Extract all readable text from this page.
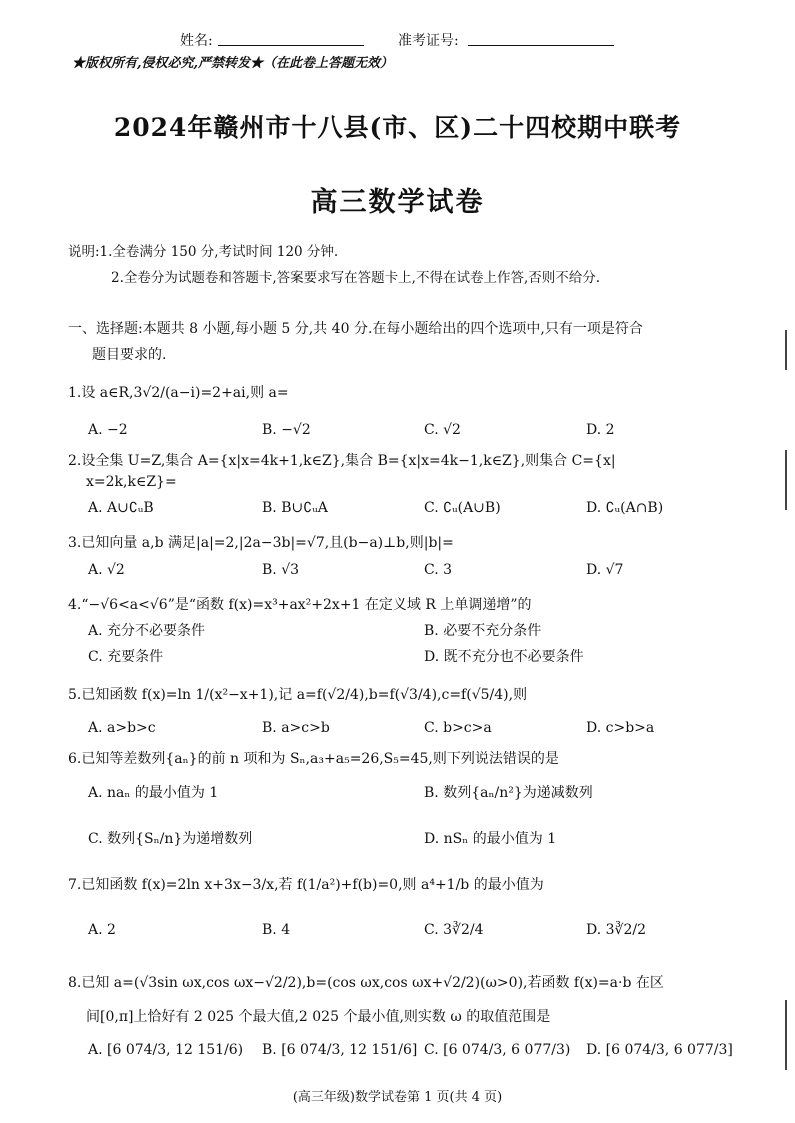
姓名:	准考证号:
★版权所有,侵权必究,严禁转发★（在此卷上答题无效）
2024年赣州市十八县(市、区)二十四校期中联考
高三数学试卷
说明:1.全卷满分 150 分,考试时间 120 分钟.
2.全卷分为试题卷和答题卡,答案要求写在答题卡上,不得在试卷上作答,否则不给分.
一、选择题:本题共 8 小题,每小题 5 分,共 40 分.在每小题给出的四个选项中,只有一项是符合
题目要求的.
1.设 a∈R,3√2/(a−i)=2+ai,则 a=
A. −2	B. −√2	C. √2	D. 2
2.设全集 U=Z,集合 A={x|x=4k+1,k∈Z},集合 B={x|x=4k−1,k∈Z},则集合 C={x|
x=2k,k∈Z}=
A. A∪∁ᵤB	B. B∪∁ᵤA	C. ∁ᵤ(A∪B)	D. ∁ᵤ(A∩B)
3.已知向量 a,b 满足|a|=2,|2a−3b|=√7,且(b−a)⊥b,则|b|=
A. √2	B. √3	C. 3	D. √7
4.“−√6<a<√6”是“函数 f(x)=x³+ax²+2x+1 在定义域 R 上单调递增”的
A. 充分不必要条件	B. 必要不充分条件
C. 充要条件	D. 既不充分也不必要条件
5.已知函数 f(x)=ln 1/(x²−x+1),记 a=f(√2/4),b=f(√3/4),c=f(√5/4),则
A. a>b>c	B. a>c>b	C. b>c>a	D. c>b>a
6.已知等差数列{aₙ}的前 n 项和为 Sₙ,a₃+a₅=26,S₅=45,则下列说法错误的是
A. naₙ 的最小值为 1	B. 数列{aₙ/n²}为递减数列
C. 数列{Sₙ/n}为递增数列	D. nSₙ 的最小值为 1
7.已知函数 f(x)=2ln x+3x−3/x,若 f(1/a²)+f(b)=0,则 a⁴+1/b 的最小值为
A. 2	B. 4	C. 3∛2/4	D. 3∛2/2
8.已知 a=(√3sin ωx,cos ωx−√2/2),b=(cos ωx,cos ωx+√2/2)(ω>0),若函数 f(x)=a·b 在区
间[0,π]上恰好有 2 025 个最大值,2 025 个最小值,则实数 ω 的取值范围是
A. [6 074/3, 12 151/6) B. [6 074/3, 12 151/6] C. [6 074/3, 6 077/3) D. [6 074/3, 6 077/3]
(高三年级)数学试卷第 1 页(共 4 页)
